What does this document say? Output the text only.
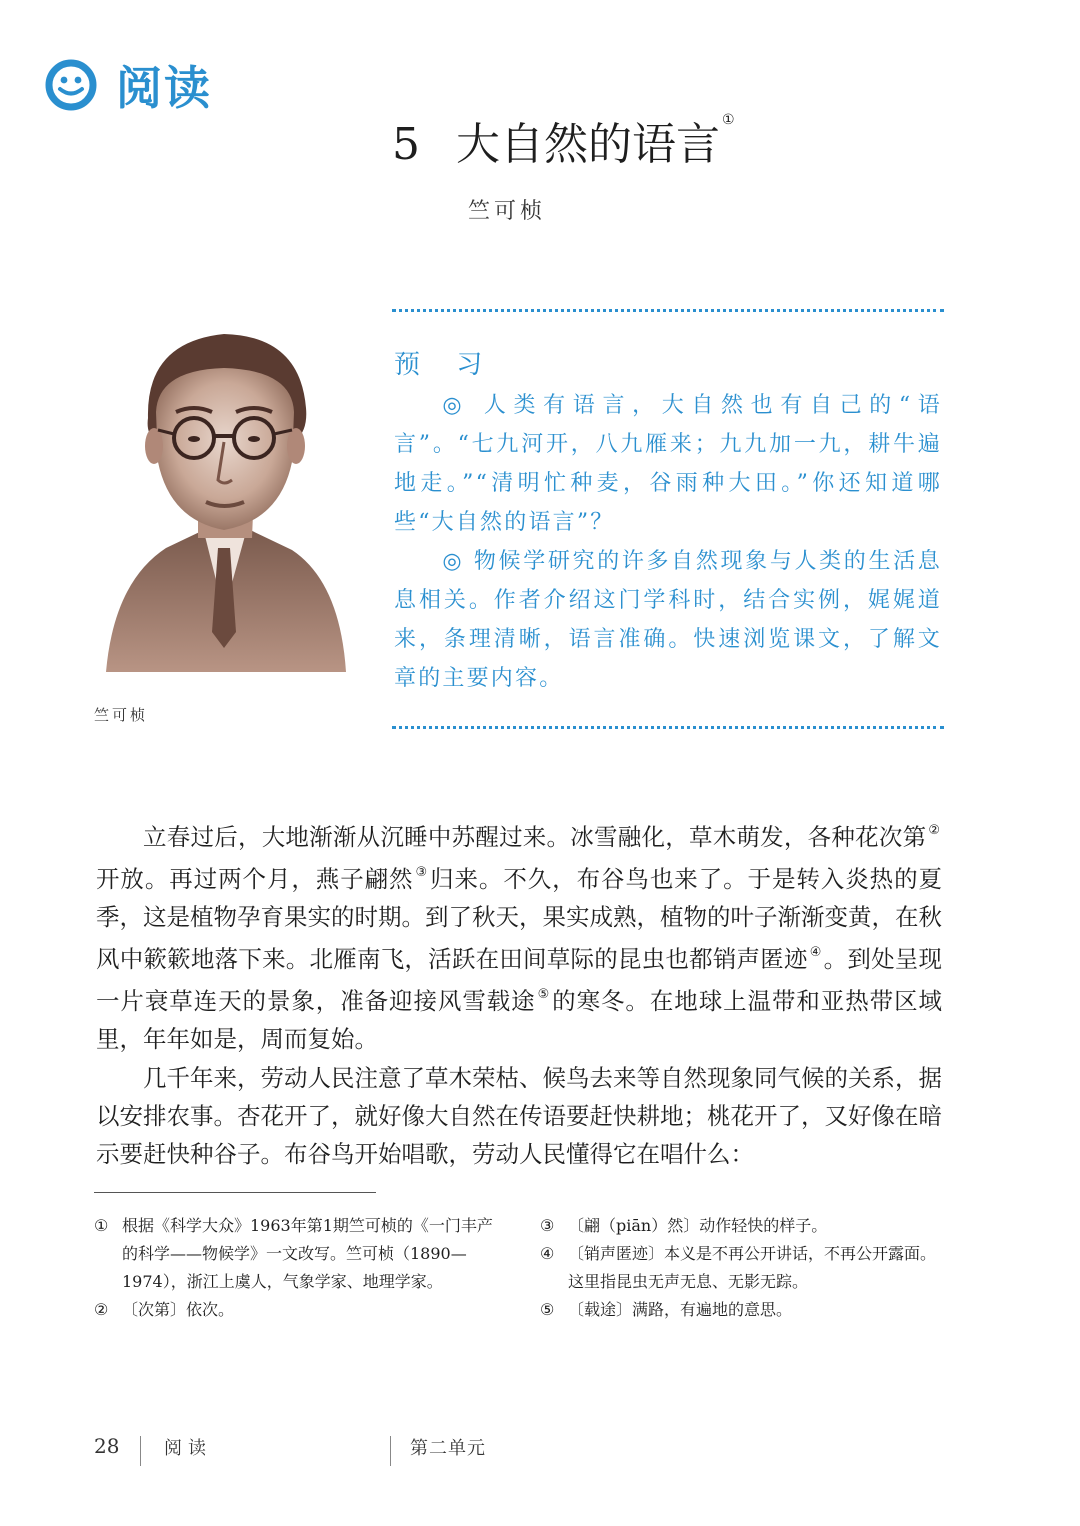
阅读
5 大自然的语言 ①
竺可桢
竺可桢
预 习

◎ 人类有语言，大自然也有自己的“语言”。“七九河开，八九雁来；九九加一九，耕牛遍地走。”“清明忙种麦，谷雨种大田。”你还知道哪些“大自然的语言”？

◎ 物候学研究的许多自然现象与人类的生活息息相关。作者介绍这门学科时，结合实例，娓娓道来，条理清晰，语言准确。快速浏览课文，了解文章的主要内容。

立春过后，大地渐渐从沉睡中苏醒过来。冰雪融化，草木萌发，各种花次第 ②开放。再过两个月，燕子翩然 ③归来。不久，布谷鸟也来了。于是转入炎热的夏季，这是植物孕育果实的时期。到了秋天，果实成熟，植物的叶子渐渐变黄，在秋风中簌簌地落下来。北雁南飞，活跃在田间草际的昆虫也都销声匿迹 ④。到处呈现一片衰草连天的景象，准备迎接风雪载途 ⑤的寒冬。在地球上温带和亚热带区域里，年年如是，周而复始。

几千年来，劳动人民注意了草木荣枯、候鸟去来等自然现象同气候的关系，据以安排农事。杏花开了，就好像大自然在传语要赶快耕地；桃花开了，又好像在暗示要赶快种谷子。布谷鸟开始唱歌，劳动人民懂得它在唱什么：

① 根据《科学大众》1963年第1期竺可桢的《一门丰产的科学——物候学》一文改写。竺可桢（1890—1974），浙江上虞人，气象学家、地理学家。
② 〔次第〕依次。
③ 〔翩（piān）然〕动作轻快的样子。
④ 〔销声匿迹〕本义是不再公开讲话，不再公开露面。这里指昆虫无声无息、无影无踪。
⑤ 〔载途〕满路，有遍地的意思。
28 阅读	第二单元
